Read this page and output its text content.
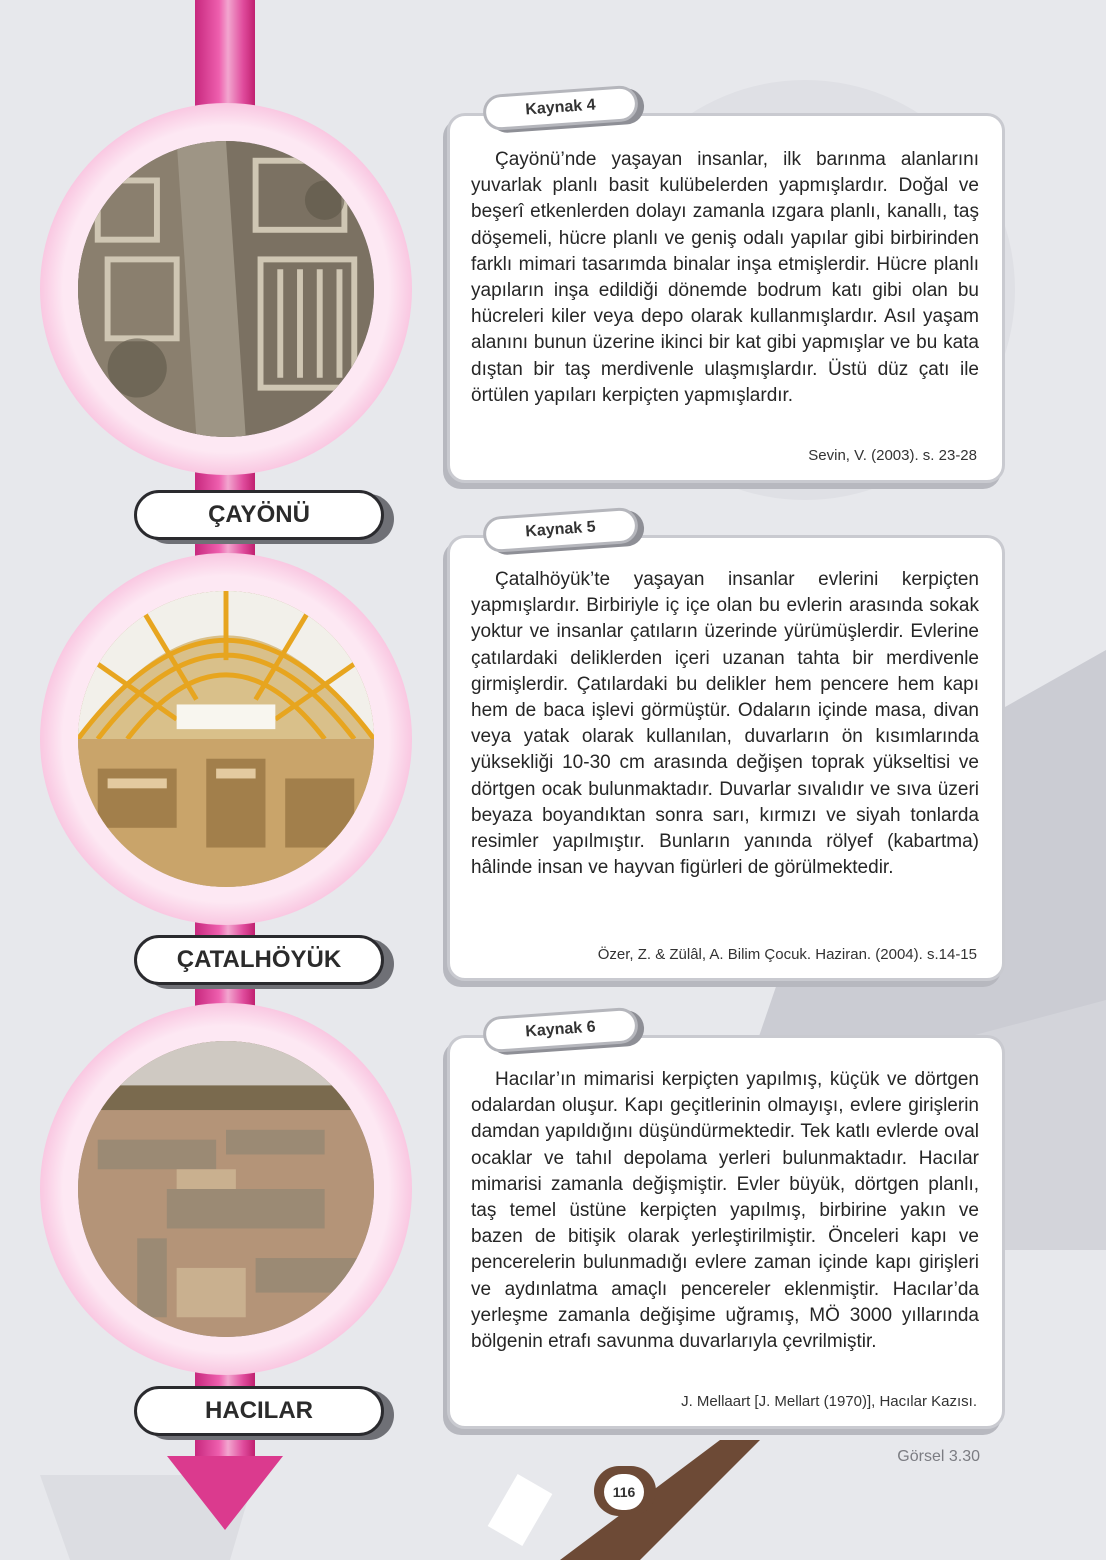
ÇAYÖNÜ
ÇATALHÖYÜK
HACILAR
Kaynak 4
Çayönü’nde yaşayan insanlar, ilk barınma alanlarını yuvarlak planlı basit kulübelerden yapmışlardır. Doğal ve beşerî etkenlerden dolayı zamanla ızgara planlı, kanallı, taş döşemeli, hücre planlı ve geniş odalı yapılar gibi birbirinden farklı mimari tasarımda binalar inşa etmişlerdir. Hücre planlı yapıların inşa edildiği dönemde bodrum katı gibi olan bu hücreleri kiler veya depo olarak kullanmışlardır. Asıl yaşam alanını bunun üzerine ikinci bir kat gibi yapmışlar ve bu kata dıştan bir taş merdivenle ulaşmışlardır. Üstü düz çatı ile örtülen yapıları kerpiçten yapmışlardır.
Sevin, V. (2003). s. 23-28
Kaynak 5
Çatalhöyük’te yaşayan insanlar evlerini kerpiçten yapmışlardır. Birbiriyle iç içe olan bu evlerin arasında sokak yoktur ve insanlar çatıların üzerinde yürümüşlerdir. Evlerine çatılardaki deliklerden içeri uzanan tahta bir merdivenle girmişlerdir. Çatılardaki bu delikler hem pencere hem kapı hem de baca işlevi görmüştür. Odaların içinde masa, divan veya yatak olarak kullanılan, duvarların ön kısımlarında yüksekliği 10-30 cm arasında değişen toprak yükseltisi ve dörtgen ocak bulunmaktadır. Duvarlar sıvalıdır ve sıva üzeri beyaza boyandıktan sonra sarı, kırmızı ve siyah tonlarda resimler yapılmıştır. Bunların yanında rölyef (kabartma) hâlinde insan ve hayvan figürleri de görülmektedir.
Özer, Z. & Zülâl, A. Bilim Çocuk. Haziran. (2004). s.14-15
Kaynak 6
Hacılar’ın mimarisi kerpiçten yapılmış, küçük ve dörtgen odalardan oluşur. Kapı geçitlerinin olmayışı, evlere girişlerin damdan yapıldığını düşündürmektedir. Tek katlı evlerde oval ocaklar ve tahıl depolama yerleri bulunmaktadır. Hacılar mimarisi zamanla değişmiştir. Evler büyük, dörtgen planlı, taş temel üstüne kerpiçten yapılmış, birbirine yakın ve bazen de bitişik olarak yerleştirilmiştir. Önceleri kapı ve pencerelerin bulunmadığı evlere zaman içinde kapı girişleri ve aydınlatma amaçlı pencereler eklenmiştir. Hacılar’da yerleşme zamanla değişime uğramış, MÖ 3000 yıllarında bölgenin etrafı savunma duvarlarıyla çevrilmiştir.
J. Mellaart [J. Mellart (1970)], Hacılar Kazısı.
Görsel 3.30
116
